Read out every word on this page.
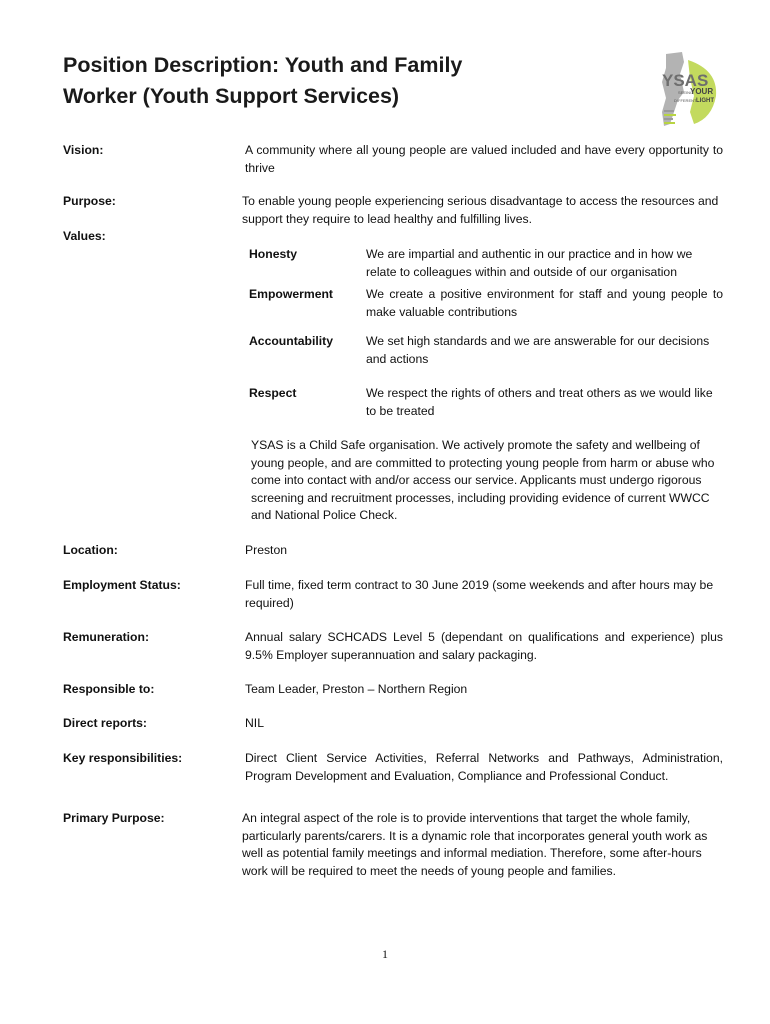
Position Description: Youth and Family
Worker (Youth Support Services)
YSAS
SEEING
YOUR
DIFFERENT LIGHT
Vision:	A community where all young people are valued included and have every opportunity to thrive
Purpose:	To enable young people experiencing serious disadvantage to access the resources and support they require to lead healthy and fulfilling lives.
Values:
Honesty	We are impartial and authentic in our practice and in how we relate to colleagues within and outside of our organisation
Empowerment	We create a positive environment for staff and young people to make valuable contributions
Accountability	We set high standards and we are answerable for our decisions and actions
Respect	We respect the rights of others and treat others as we would like to be treated
YSAS is a Child Safe organisation. We actively promote the safety and wellbeing of young people, and are committed to protecting young people from harm or abuse who come into contact with and/or access our service. Applicants must undergo rigorous screening and recruitment processes, including providing evidence of current WWCC and National Police Check.
Location:	Preston
Employment Status:	Full time, fixed term contract to 30 June 2019 (some weekends and after hours may be required)
Remuneration:	Annual salary SCHCADS Level 5 (dependant on qualifications and experience) plus 9.5% Employer superannuation and salary packaging.
Responsible to:	Team Leader, Preston – Northern Region
Direct reports:	NIL
Key responsibilities:	Direct Client Service Activities, Referral Networks and Pathways, Administration, Program Development and Evaluation, Compliance and Professional Conduct.
Primary Purpose:	An integral aspect of the role is to provide interventions that target the whole family, particularly parents/carers. It is a dynamic role that incorporates general youth work as well as potential family meetings and informal mediation. Therefore, some after-hours work will be required to meet the needs of young people and families.
1
